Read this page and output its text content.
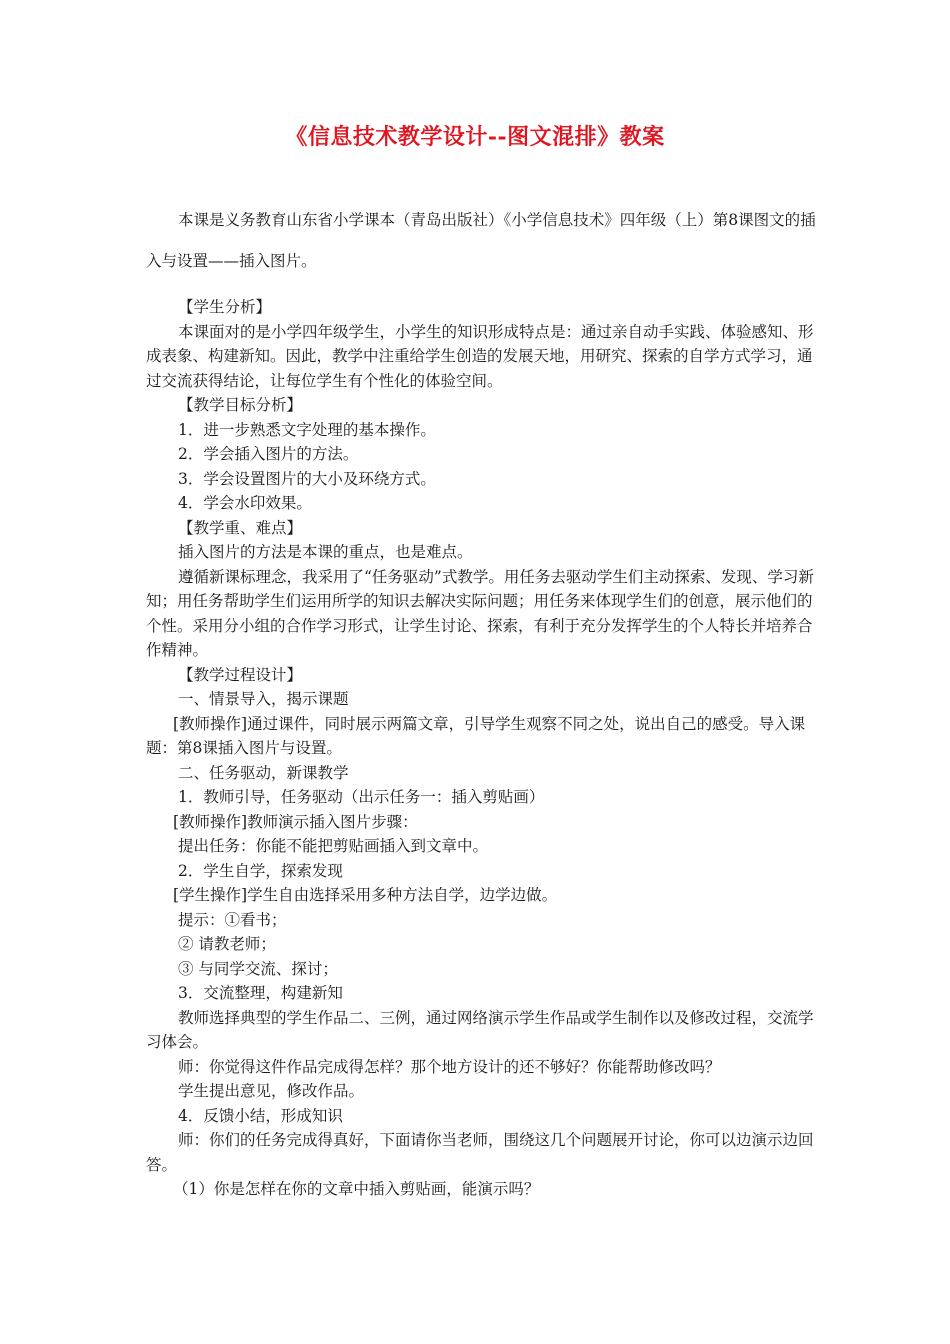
《信息技术教学设计--图文混排》教案

本课是义务教育山东省小学课本（青岛出版社）《小学信息技术》四年级（上）第8课图文的插入与设置——插入图片。

【学生分析】

本课面对的是小学四年级学生，小学生的知识形成特点是：通过亲自动手实践、体验感知、形成表象、构建新知。因此，教学中注重给学生创造的发展天地，用研究、探索的自学方式学习，通过交流获得结论，让每位学生有个性化的体验空间。

【教学目标分析】

1．进一步熟悉文字处理的基本操作。

2．学会插入图片的方法。

3．学会设置图片的大小及环绕方式。

4．学会水印效果。

【教学重、难点】

插入图片的方法是本课的重点，也是难点。

遵循新课标理念，我采用了“任务驱动”式教学。用任务去驱动学生们主动探索、发现、学习新知；用任务帮助学生们运用所学的知识去解决实际问题；用任务来体现学生们的创意，展示他们的个性。采用分小组的合作学习形式，让学生讨论、探索，有利于充分发挥学生的个人特长并培养合作精神。

【教学过程设计】

一、情景导入，揭示课题

[教师操作]通过课件，同时展示两篇文章，引导学生观察不同之处，说出自己的感受。导入课题：第8课插入图片与设置。

二、任务驱动，新课教学

1．教师引导，任务驱动（出示任务一：插入剪贴画）

[教师操作]教师演示插入图片步骤：

提出任务：你能不能把剪贴画插入到文章中。

2．学生自学，探索发现

[学生操作]学生自由选择采用多种方法自学，边学边做。

提示：①看书；

② 请教老师；

③ 与同学交流、探讨；

3．交流整理，构建新知

教师选择典型的学生作品二、三例，通过网络演示学生作品或学生制作以及修改过程，交流学习体会。

师：你觉得这件作品完成得怎样？那个地方设计的还不够好？你能帮助修改吗？

学生提出意见，修改作品。

4．反馈小结，形成知识

师：你们的任务完成得真好，下面请你当老师，围绕这几个问题展开讨论，你可以边演示边回答。

（1）你是怎样在你的文章中插入剪贴画，能演示吗？
